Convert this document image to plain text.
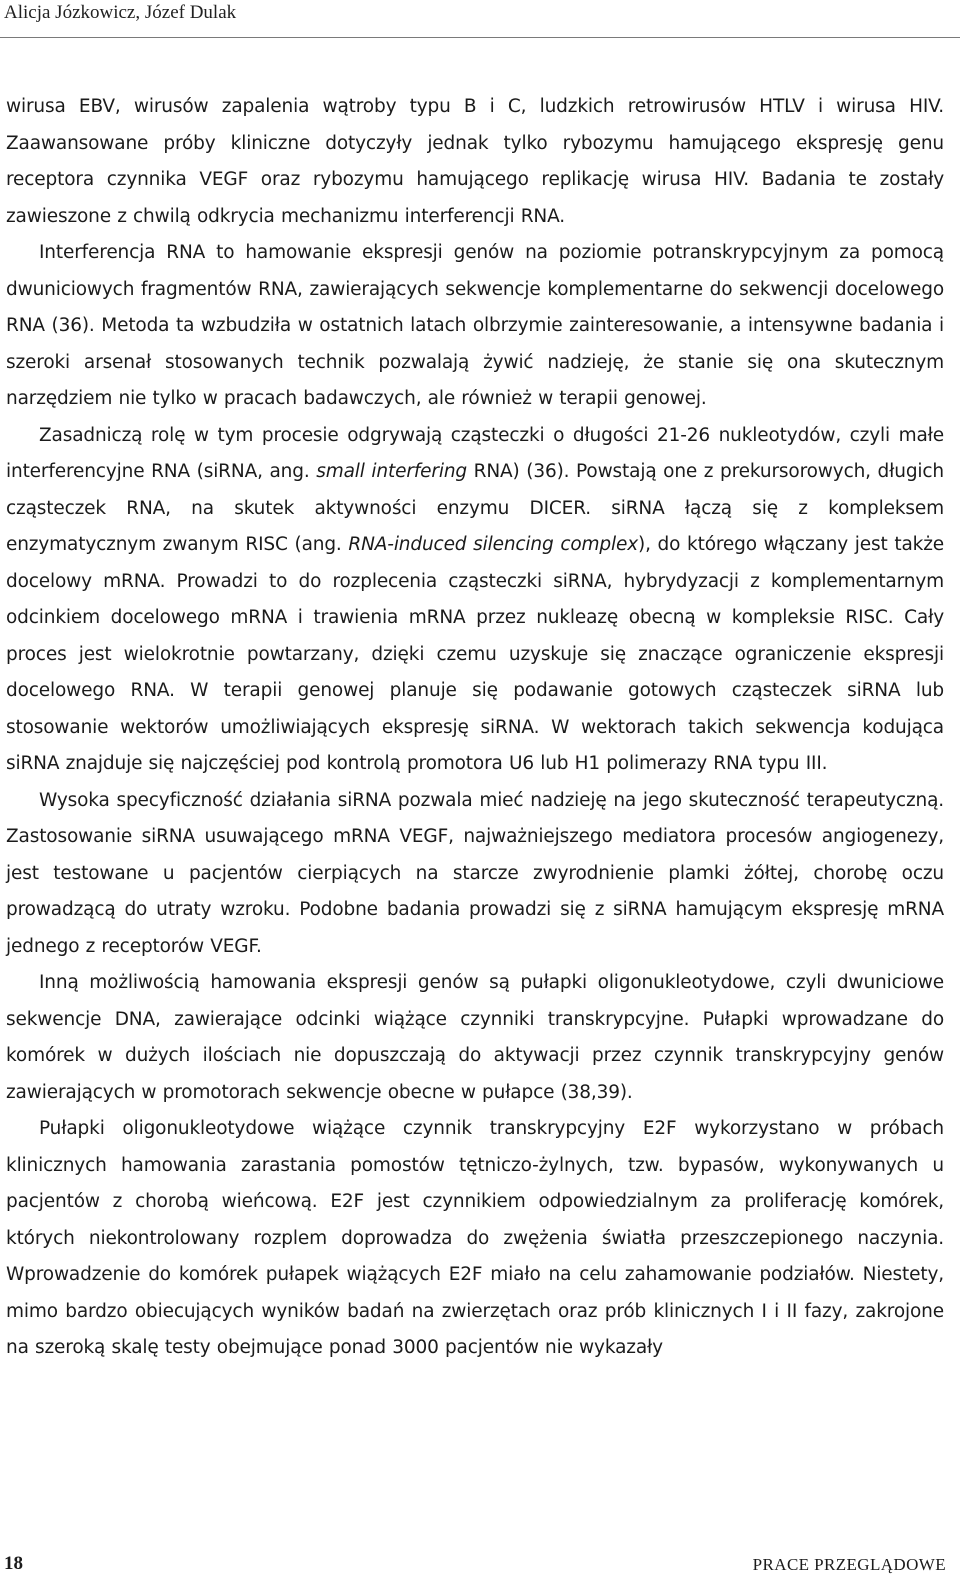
Alicja Józkowicz, Józef Dulak

wirusa EBV, wirusów zapalenia wątroby typu B i C, ludzkich retrowirusów HTLV i wirusa HIV. Zaawansowane próby kliniczne dotyczyły jednak tylko rybozymu hamującego ekspresję genu receptora czynnika VEGF oraz rybozymu hamującego replikację wirusa HIV. Badania te zostały zawieszone z chwilą odkrycia mechanizmu interferencji RNA.

Interferencja RNA to hamowanie ekspresji genów na poziomie potranskrypcyjnym za pomocą dwuniciowych fragmentów RNA, zawierających sekwencje komplementarne do sekwencji docelowego RNA (36). Metoda ta wzbudziła w ostatnich latach olbrzymie zainteresowanie, a intensywne badania i szeroki arsenał stosowanych technik pozwalają żywić nadzieję, że stanie się ona skutecznym narzędziem nie tylko w pracach badawczych, ale również w terapii genowej.

Zasadniczą rolę w tym procesie odgrywają cząsteczki o długości 21-26 nukleotydów, czyli małe interferencyjne RNA (siRNA, ang. small interfering RNA) (36). Powstają one z prekursorowych, długich cząsteczek RNA, na skutek aktywności enzymu DICER. siRNA łączą się z kompleksem enzymatycznym zwanym RISC (ang. RNA-induced silencing complex), do którego włączany jest także docelowy mRNA. Prowadzi to do rozplecenia cząsteczki siRNA, hybrydyzacji z komplementarnym odcinkiem docelowego mRNA i trawienia mRNA przez nukleazę obecną w kompleksie RISC. Cały proces jest wielokrotnie powtarzany, dzięki czemu uzyskuje się znaczące ograniczenie ekspresji docelowego RNA. W terapii genowej planuje się podawanie gotowych cząsteczek siRNA lub stosowanie wektorów umożliwiających ekspresję siRNA. W wektorach takich sekwencja kodująca siRNA znajduje się najczęściej pod kontrolą promotora U6 lub H1 polimerazy RNA typu III.

Wysoka specyficzność działania siRNA pozwala mieć nadzieję na jego skuteczność terapeutyczną. Zastosowanie siRNA usuwającego mRNA VEGF, najważniejszego mediatora procesów angiogenezy, jest testowane u pacjentów cierpiących na starcze zwyrodnienie plamki żółtej, chorobę oczu prowadzącą do utraty wzroku. Podobne badania prowadzi się z siRNA hamującym ekspresję mRNA jednego z receptorów VEGF.

Inną możliwością hamowania ekspresji genów są pułapki oligonukleotydowe, czyli dwuniciowe sekwencje DNA, zawierające odcinki wiążące czynniki transkrypcyjne. Pułapki wprowadzane do komórek w dużych ilościach nie dopuszczają do aktywacji przez czynnik transkrypcyjny genów zawierających w promotorach sekwencje obecne w pułapce (38,39).

Pułapki oligonukleotydowe wiążące czynnik transkrypcyjny E2F wykorzystano w próbach klinicznych hamowania zarastania pomostów tętniczo-żylnych, tzw. bypasów, wykonywanych u pacjentów z chorobą wieńcową. E2F jest czynnikiem odpowiedzialnym za proliferację komórek, których niekontrolowany rozplem doprowadza do zwężenia światła przeszczepionego naczynia. Wprowadzenie do komórek pułapek wiążących E2F miało na celu zahamowanie podziałów. Niestety, mimo bardzo obiecujących wyników badań na zwierzętach oraz prób klinicznych I i II fazy, zakrojone na szeroką skalę testy obejmujące ponad 3000 pacjentów nie wykazały

18	PRACE PRZEGLĄDOWE
